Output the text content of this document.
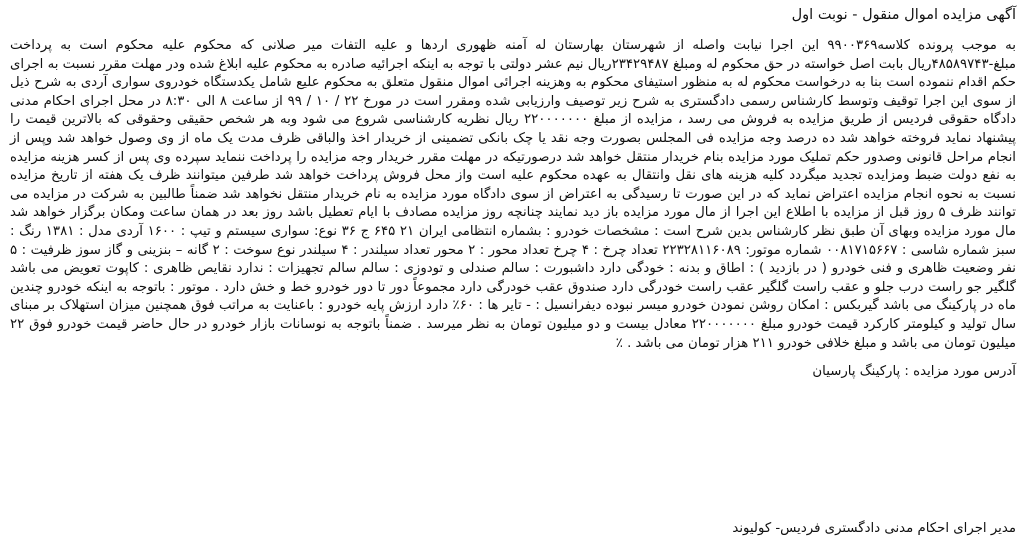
آگهی مزایده اموال منقول - نوبت اول

به موجب پرونده کلاسه۹۹۰۰۳۶۹ این اجرا نیابت واصله از شهرستان بهارستان له آمنه ظهوری اردها و علیه التفات میر صلانی که محکوم علیه محکوم است به پرداخت مبلغ-۴۸۵۸۹۷۴۳ریال بابت اصل خواسته در حق محکوم له ومبلغ ۲۳۴۲۹۴۸۷ریال نیم عشر دولتی با توجه به اینکه اجرائیه صادره به محکوم علیه ابلاغ شده ودر مهلت مقرر نسبت به اجرای حکم اقدام ننموده است بنا به درخواست محکوم له به منظور استیفای محکوم به وهزینه اجرائی اموال منقول متعلق به محکوم علیع شامل یکدستگاه خودروی سواری آردی به شرح ذیل از سوی این اجرا توقیف وتوسط کارشناس رسمی دادگستری به شرح زیر توصیف وارزیابی شده ومقرر است در مورخ ۲۲ / ۱۰ / ۹۹ از ساعت ۸ الی ۸:۳۰ در محل اجرای احکام مدنی دادگاه حقوقی فردیس از طریق مزایده به فروش می رسد ، مزایده از مبلغ ۲۲۰۰۰۰۰۰۰ ریال نظریه کارشناسی شروع می شود وبه هر شخص حقیقی وحقوقی که بالاترین قیمت را پیشنهاد نماید فروخته خواهد شد ده درصد وجه مزایده فی المجلس بصورت وجه نقد یا چک بانکی تضمینی از خریدار اخذ والباقی ظرف مدت یک ماه از وی وصول خواهد شد وپس از انجام مراحل قانونی وصدور حکم تملیک مورد مزایده بنام خریدار منتقل خواهد شد درصورتیکه در مهلت مقرر خریدار وجه مزایده را پرداخت ننماید سپرده وی پس از کسر هزینه مزایده به نفع دولت ضبط ومزایده تجدید میگردد کلیه هزینه های نقل وانتقال به عهده محکوم علیه است واز محل فروش پرداخت خواهد شد طرفین میتوانند ظرف یک هفته از تاریخ مزایده نسبت به نحوه انجام مزایده اعتراض نماید که در این صورت تا رسیدگی به اعتراض از سوی دادگاه مورد مزایده به نام خریدار منتقل نخواهد شد ضمناً طالبین به شرکت در مزایده می توانند ظرف ۵ روز قبل از مزایده با اطلاع این اجرا از مال مورد مزایده باز دید نمایند چنانچه روز مزایده مصادف با ایام تعطیل باشد روز بعد در همان ساعت ومکان برگزار خواهد شد مال مورد مزایده وبهای آن طبق نظر کارشناس بدین شرح است : مشخصات خودرو : بشماره انتظامی ایران ۲۱ ۶۴۵ ج ۳۶ نوع: سواری سیستم و تیپ : ۱۶۰۰ آردی مدل : ۱۳۸۱ رنگ : سبز شماره شاسی : ۰۰۸۱۷۱۵۶۶۷ شماره موتور: ۲۲۳۲۸۱۱۶۰۸۹ تعداد چرخ : ۴ چرخ تعداد محور : ۲ محور تعداد سیلندر : ۴ سیلندر نوع سوخت : ۲ گانه – بنزینی و گاز سوز ظرفیت : ۵ نفر وضعیت ظاهری و فنی خودرو ( در بازدید ) : اطاق و بدنه : خودگی دارد داشبورت : سالم صندلی و تودوزی : سالم سالم تجهیزات : ندارد نقایص ظاهری : کاپوت تعویض می باشد گلگیر جو راست درب جلو و عقب راست گلگیر عقب راست خودرگی دارد صندوق عقب خودرگی دارد مجموعاً دور تا دور خودرو خط و خش دارد . موتور : باتوجه به اینکه خودرو چندین ماه در پارکینگ می باشد گیربکس : امکان روشن نمودن خودرو میسر نبوده دیفرانسیل : - تایر ها : ۶۰٪ دارد ارزش پایه خودرو : باعنایت به مراتب فوق همچنین میزان استهلاک بر مبنای سال تولید و کیلومتر کارکرد قیمت خودرو مبلغ ۲۲۰۰۰۰۰۰۰ معادل بیست و دو میلیون تومان به نظر میرسد . ضمناً باتوجه به نوسانات بازار خودرو در حال حاضر قیمت خودرو فوق ۲۲ میلیون تومان می باشد و مبلغ خلافی خودرو ۲۱۱ هزار تومان می باشد . ٪

آدرس مورد مزایده : پارکینگ پارسیان
مدیر اجرای احکام مدنی دادگستری فردیس- کولیوند
